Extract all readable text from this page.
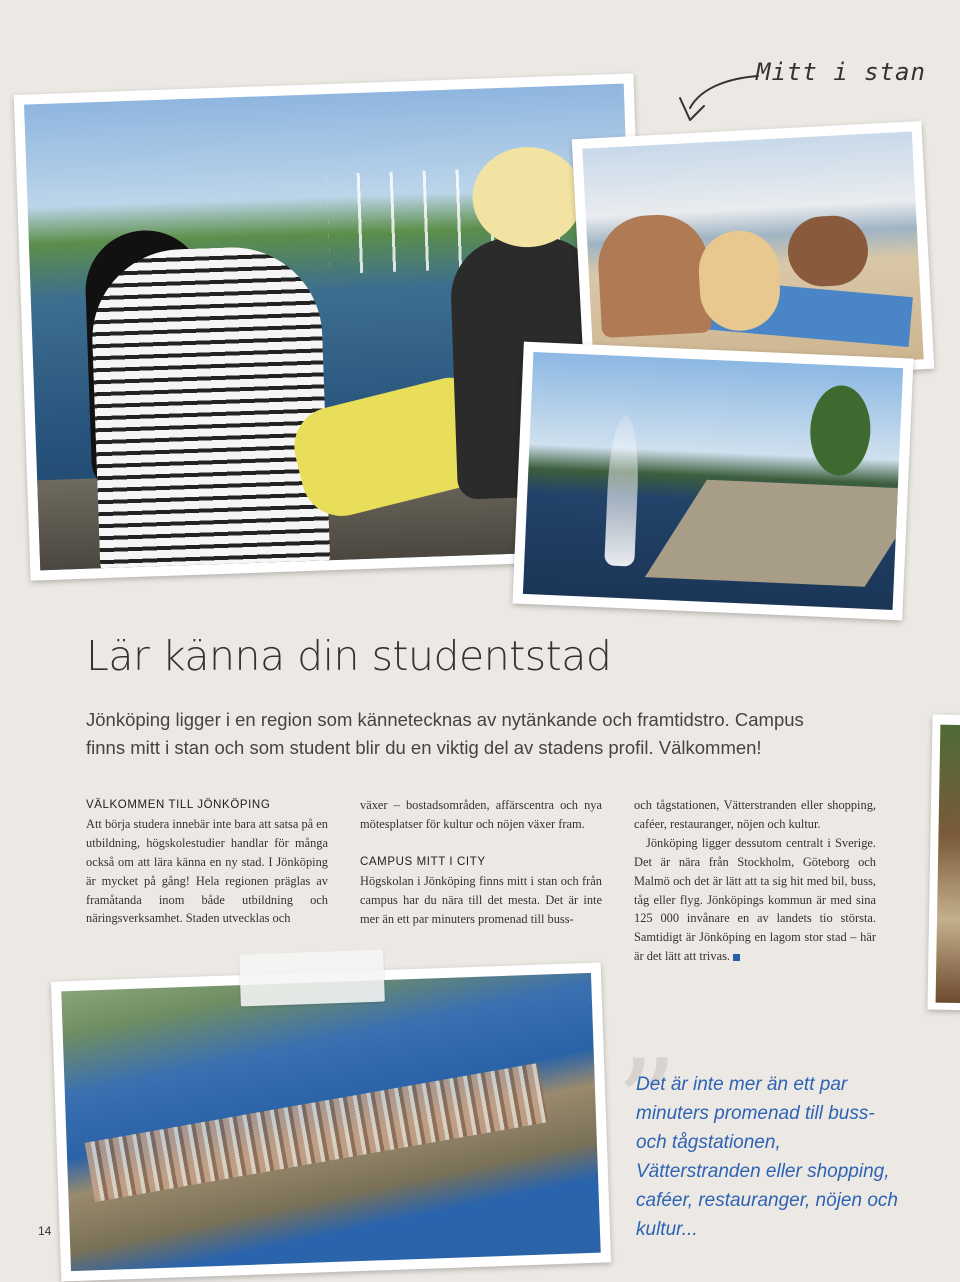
Mitt i stan
Lär känna din studentstad

Jönköping ligger i en region som kännetecknas av nytänkande och framtidstro. Campus finns mitt i stan och som student blir du en viktig del av stadens profil. Välkommen!

VÄLKOMMEN TILL JÖNKÖPING

Att börja studera innebär inte bara att satsa på en utbildning, högskolestudier handlar för många också om att lära känna en ny stad. I Jönköping är mycket på gång! Hela regionen präglas av framåtanda inom både utbildning och näringsverksamhet. Staden utvecklas och

växer – bostadsområden, affärscentra och nya mötesplatser för kultur och nöjen växer fram.

CAMPUS MITT I CITY

Högskolan i Jönköping finns mitt i stan och från campus har du nära till det mesta. Det är inte mer än ett par minuters promenad till buss-

och tågstationen, Vätterstranden eller shopping, caféer, restauranger, nöjen och kultur.

Jönköping ligger dessutom centralt i Sverige. Det är nära från Stockholm, Göteborg och Malmö och det är lätt att ta sig hit med bil, buss, tåg eller flyg. Jönköpings kommun är med sina 125 000 invånare en av landets tio största. Samtidigt är Jönköping en lagom stor stad – här är det lätt att trivas.

”

Det är inte mer än ett par minuters promenad till buss- och tågstationen, Vätterstranden eller shopping, caféer, restauranger, nöjen och kultur...

14
